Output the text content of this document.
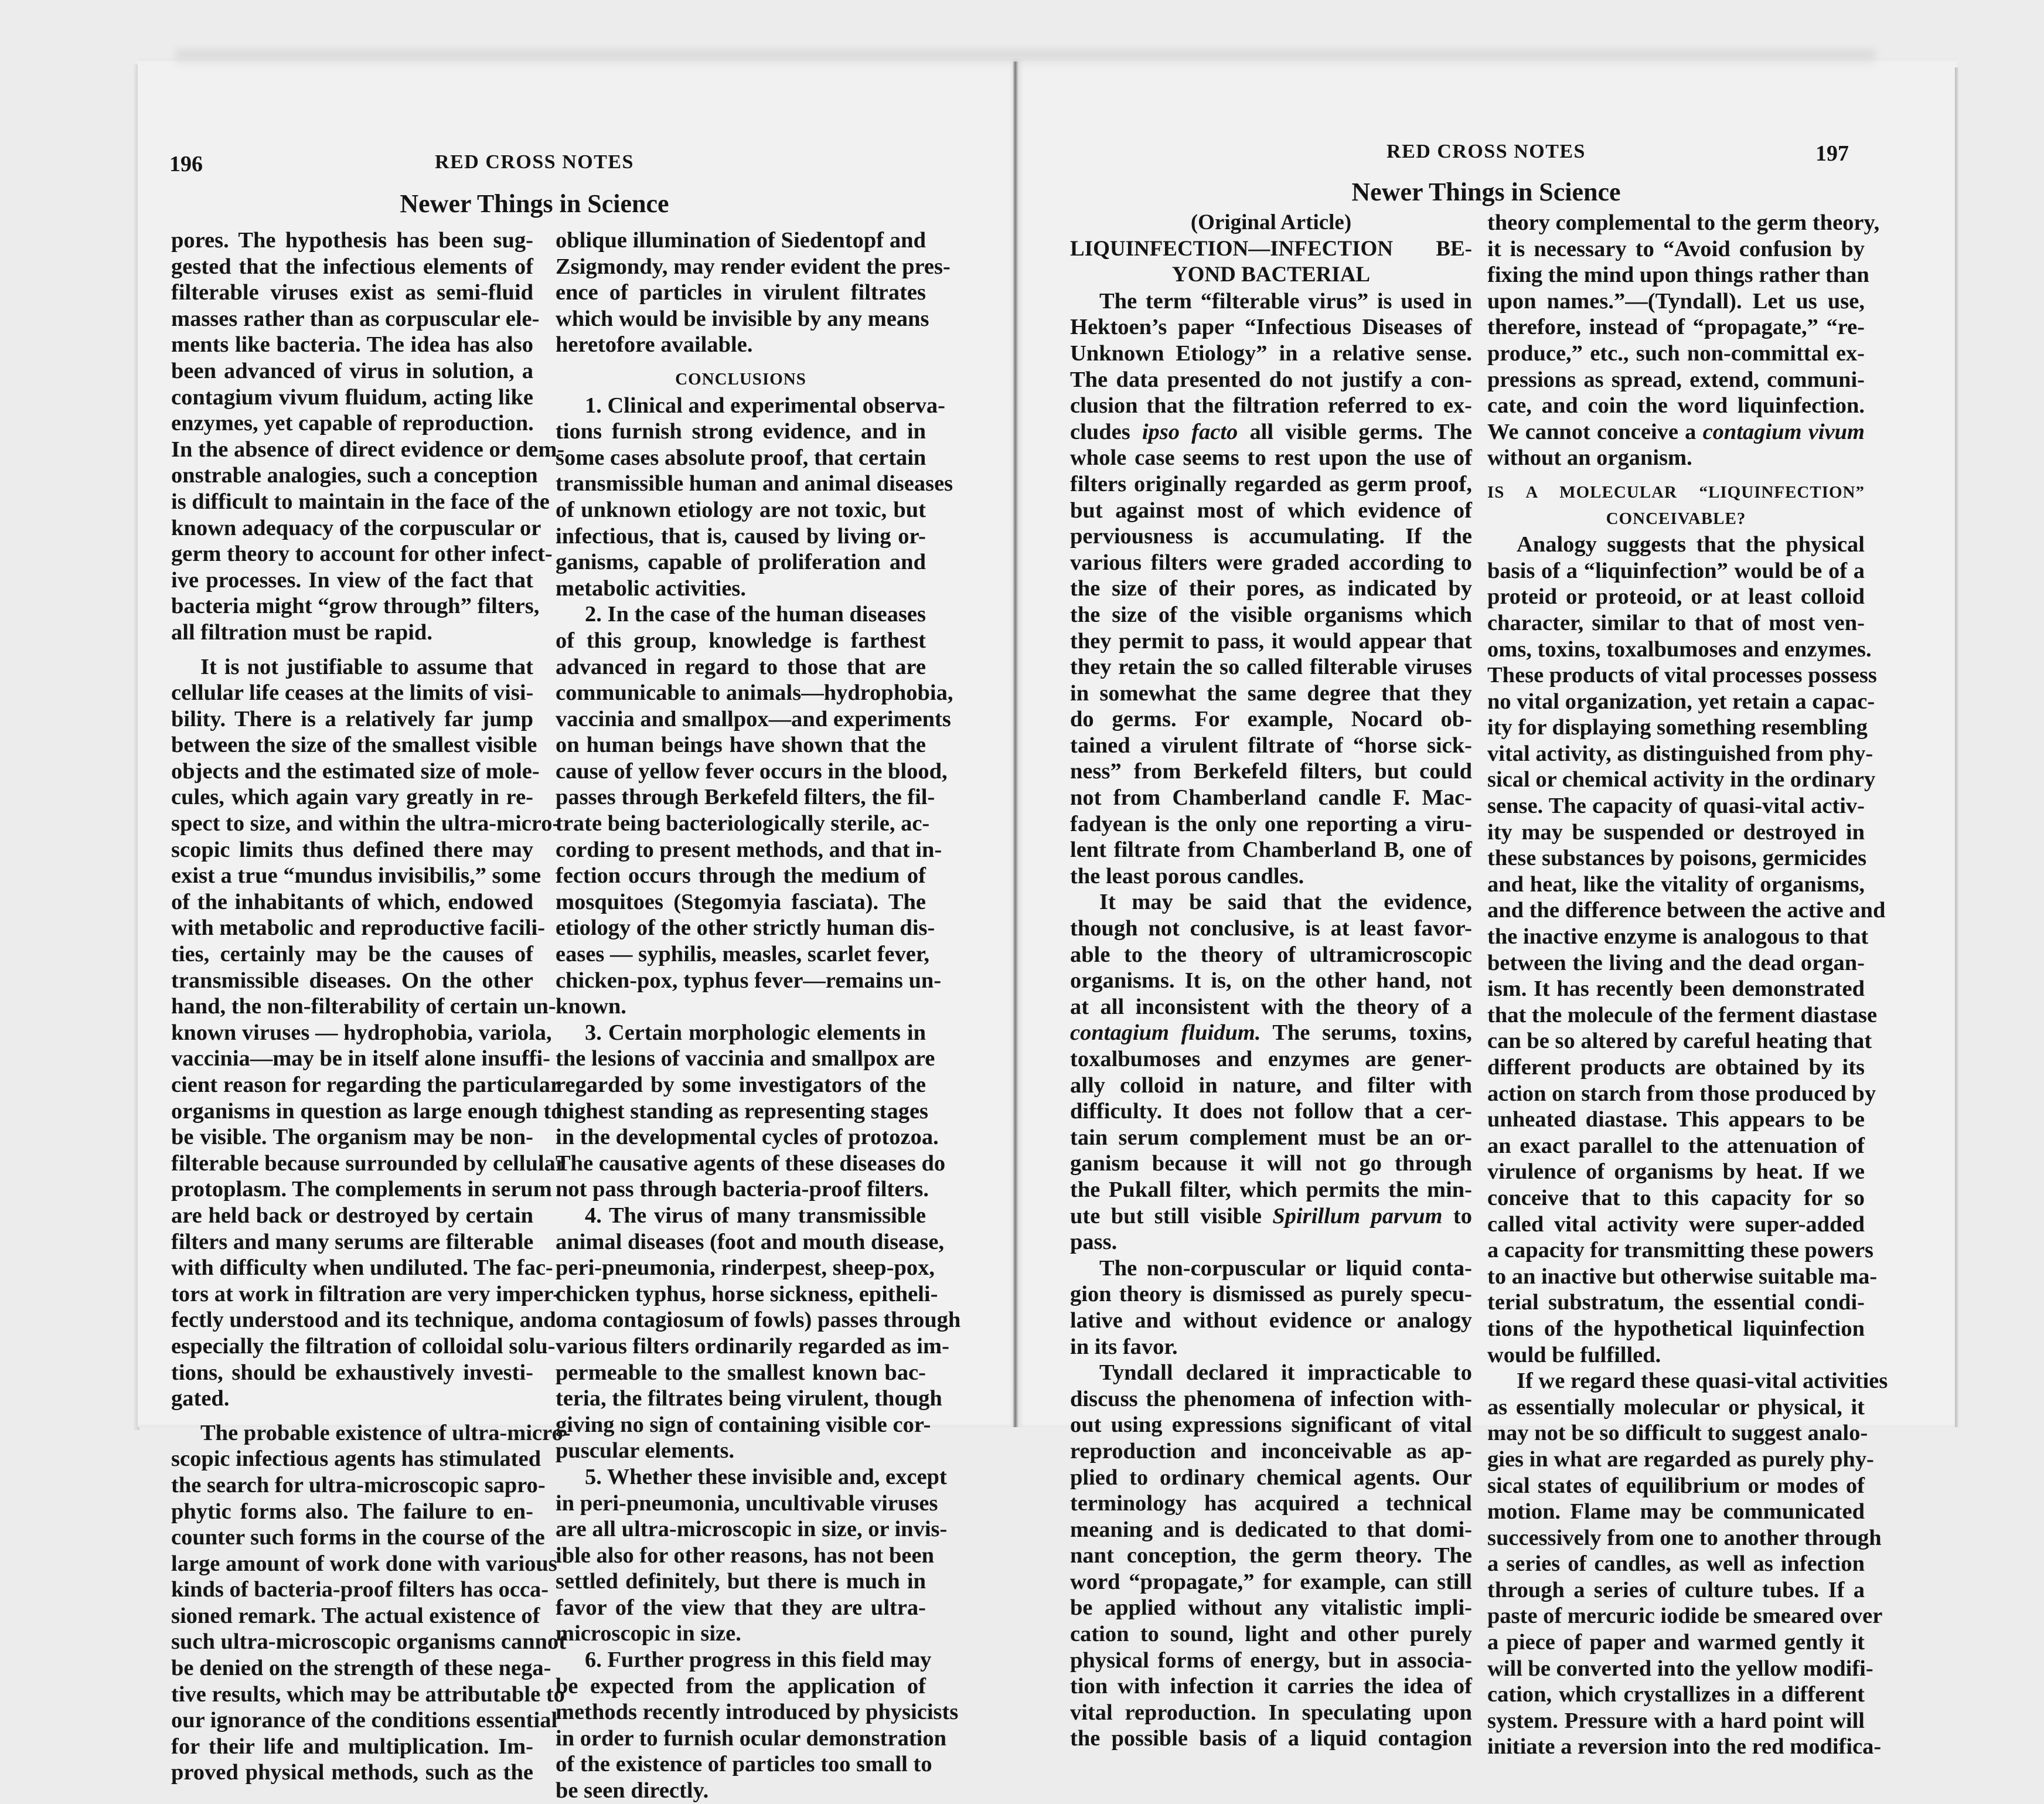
196	RED CROSS NOTES
Newer Things in Science
RED CROSS NOTES	197
Newer Things in Science
pores. The hypothesis has been sug-
gested that the infectious elements of
filterable viruses exist as semi-fluid
masses rather than as corpuscular ele-
ments like bacteria. The idea has also
been advanced of virus in solution, a
contagium vivum fluidum, acting like
enzymes, yet capable of reproduction.
In the absence of direct evidence or dem-
onstrable analogies, such a conception
is difficult to maintain in the face of the
known adequacy of the corpuscular or
germ theory to account for other infect-
ive processes. In view of the fact that
bacteria might “grow through” filters,
all filtration must be rapid.
It is not justifiable to assume that
cellular life ceases at the limits of visi-
bility. There is a relatively far jump
between the size of the smallest visible
objects and the estimated size of mole-
cules, which again vary greatly in re-
spect to size, and within the ultra-micro-
scopic limits thus defined there may
exist a true “mundus invisibilis,” some
of the inhabitants of which, endowed
with metabolic and reproductive facili-
ties, certainly may be the causes of
transmissible diseases. On the other
hand, the non-filterability of certain un-
known viruses — hydrophobia, variola,
vaccinia—may be in itself alone insuffi-
cient reason for regarding the particular
organisms in question as large enough to
be visible. The organism may be non-
filterable because surrounded by cellular
protoplasm. The complements in serum
are held back or destroyed by certain
filters and many serums are filterable
with difficulty when undiluted. The fac-
tors at work in filtration are very imper-
fectly understood and its technique, and
especially the filtration of colloidal solu-
tions, should be exhaustively investi-
gated.
The probable existence of ultra-micro-
scopic infectious agents has stimulated
the search for ultra-microscopic sapro-
phytic forms also. The failure to en-
counter such forms in the course of the
large amount of work done with various
kinds of bacteria-proof filters has occa-
sioned remark. The actual existence of
such ultra-microscopic organisms cannot
be denied on the strength of these nega-
tive results, which may be attributable to
our ignorance of the conditions essential
for their life and multiplication. Im-
proved physical methods, such as the
oblique illumination of Siedentopf and
Zsigmondy, may render evident the pres-
ence of particles in virulent filtrates
which would be invisible by any means
heretofore available.
CONCLUSIONS
1. Clinical and experimental observa-
tions furnish strong evidence, and in
some cases absolute proof, that certain
transmissible human and animal diseases
of unknown etiology are not toxic, but
infectious, that is, caused by living or-
ganisms, capable of proliferation and
metabolic activities.
2. In the case of the human diseases
of this group, knowledge is farthest
advanced in regard to those that are
communicable to animals—hydrophobia,
vaccinia and smallpox—and experiments
on human beings have shown that the
cause of yellow fever occurs in the blood,
passes through Berkefeld filters, the fil-
trate being bacteriologically sterile, ac-
cording to present methods, and that in-
fection occurs through the medium of
mosquitoes (Stegomyia fasciata). The
etiology of the other strictly human dis-
eases — syphilis, measles, scarlet fever,
chicken-pox, typhus fever—remains un-
known.
3. Certain morphologic elements in
the lesions of vaccinia and smallpox are
regarded by some investigators of the
highest standing as representing stages
in the developmental cycles of protozoa.
The causative agents of these diseases do
not pass through bacteria-proof filters.
4. The virus of many transmissible
animal diseases (foot and mouth disease,
peri-pneumonia, rinderpest, sheep-pox,
chicken typhus, horse sickness, epitheli-
oma contagiosum of fowls) passes through
various filters ordinarily regarded as im-
permeable to the smallest known bac-
teria, the filtrates being virulent, though
giving no sign of containing visible cor-
puscular elements.
5. Whether these invisible and, except
in peri-pneumonia, uncultivable viruses
are all ultra-microscopic in size, or invis-
ible also for other reasons, has not been
settled definitely, but there is much in
favor of the view that they are ultra-
microscopic in size.
6. Further progress in this field may
be expected from the application of
methods recently introduced by physicists
in order to furnish ocular demonstration
of the existence of particles too small to
be seen directly.
(Original Article)
LIQUINFECTION—INFECTION BE-
YOND BACTERIAL
The term “filterable virus” is used in
Hektoen’s paper “Infectious Diseases of
Unknown Etiology” in a relative sense.
The data presented do not justify a con-
clusion that the filtration referred to ex-
cludes ipso facto all visible germs. The
whole case seems to rest upon the use of
filters originally regarded as germ proof,
but against most of which evidence of
perviousness is accumulating. If the
various filters were graded according to
the size of their pores, as indicated by
the size of the visible organisms which
they permit to pass, it would appear that
they retain the so called filterable viruses
in somewhat the same degree that they
do germs. For example, Nocard ob-
tained a virulent filtrate of “horse sick-
ness” from Berkefeld filters, but could
not from Chamberland candle F. Mac-
fadyean is the only one reporting a viru-
lent filtrate from Chamberland B, one of
the least porous candles.
It may be said that the evidence,
though not conclusive, is at least favor-
able to the theory of ultramicroscopic
organisms. It is, on the other hand, not
at all inconsistent with the theory of a
contagium fluidum. The serums, toxins,
toxalbumoses and enzymes are gener-
ally colloid in nature, and filter with
difficulty. It does not follow that a cer-
tain serum complement must be an or-
ganism because it will not go through
the Pukall filter, which permits the min-
ute but still visible Spirillum parvum to
pass.
The non-corpuscular or liquid conta-
gion theory is dismissed as purely specu-
lative and without evidence or analogy
in its favor.
Tyndall declared it impracticable to
discuss the phenomena of infection with-
out using expressions significant of vital
reproduction and inconceivable as ap-
plied to ordinary chemical agents. Our
terminology has acquired a technical
meaning and is dedicated to that domi-
nant conception, the germ theory. The
word “propagate,” for example, can still
be applied without any vitalistic impli-
cation to sound, light and other purely
physical forms of energy, but in associa-
tion with infection it carries the idea of
vital reproduction. In speculating upon
the possible basis of a liquid contagion
theory complemental to the germ theory,
it is necessary to “Avoid confusion by
fixing the mind upon things rather than
upon names.”—(Tyndall). Let us use,
therefore, instead of “propagate,” “re-
produce,” etc., such non-committal ex-
pressions as spread, extend, communi-
cate, and coin the word liquinfection.
We cannot conceive a contagium vivum
without an organism.
IS A MOLECULAR “LIQUINFECTION”
CONCEIVABLE?
Analogy suggests that the physical
basis of a “liquinfection” would be of a
proteid or proteoid, or at least colloid
character, similar to that of most ven-
oms, toxins, toxalbumoses and enzymes.
These products of vital processes possess
no vital organization, yet retain a capac-
ity for displaying something resembling
vital activity, as distinguished from phy-
sical or chemical activity in the ordinary
sense. The capacity of quasi-vital activ-
ity may be suspended or destroyed in
these substances by poisons, germicides
and heat, like the vitality of organisms,
and the difference between the active and
the inactive enzyme is analogous to that
between the living and the dead organ-
ism. It has recently been demonstrated
that the molecule of the ferment diastase
can be so altered by careful heating that
different products are obtained by its
action on starch from those produced by
unheated diastase. This appears to be
an exact parallel to the attenuation of
virulence of organisms by heat. If we
conceive that to this capacity for so
called vital activity were super-added
a capacity for transmitting these powers
to an inactive but otherwise suitable ma-
terial substratum, the essential condi-
tions of the hypothetical liquinfection
would be fulfilled.
If we regard these quasi-vital activities
as essentially molecular or physical, it
may not be so difficult to suggest analo-
gies in what are regarded as purely phy-
sical states of equilibrium or modes of
motion. Flame may be communicated
successively from one to another through
a series of candles, as well as infection
through a series of culture tubes. If a
paste of mercuric iodide be smeared over
a piece of paper and warmed gently it
will be converted into the yellow modifi-
cation, which crystallizes in a different
system. Pressure with a hard point will
initiate a reversion into the red modifica-
